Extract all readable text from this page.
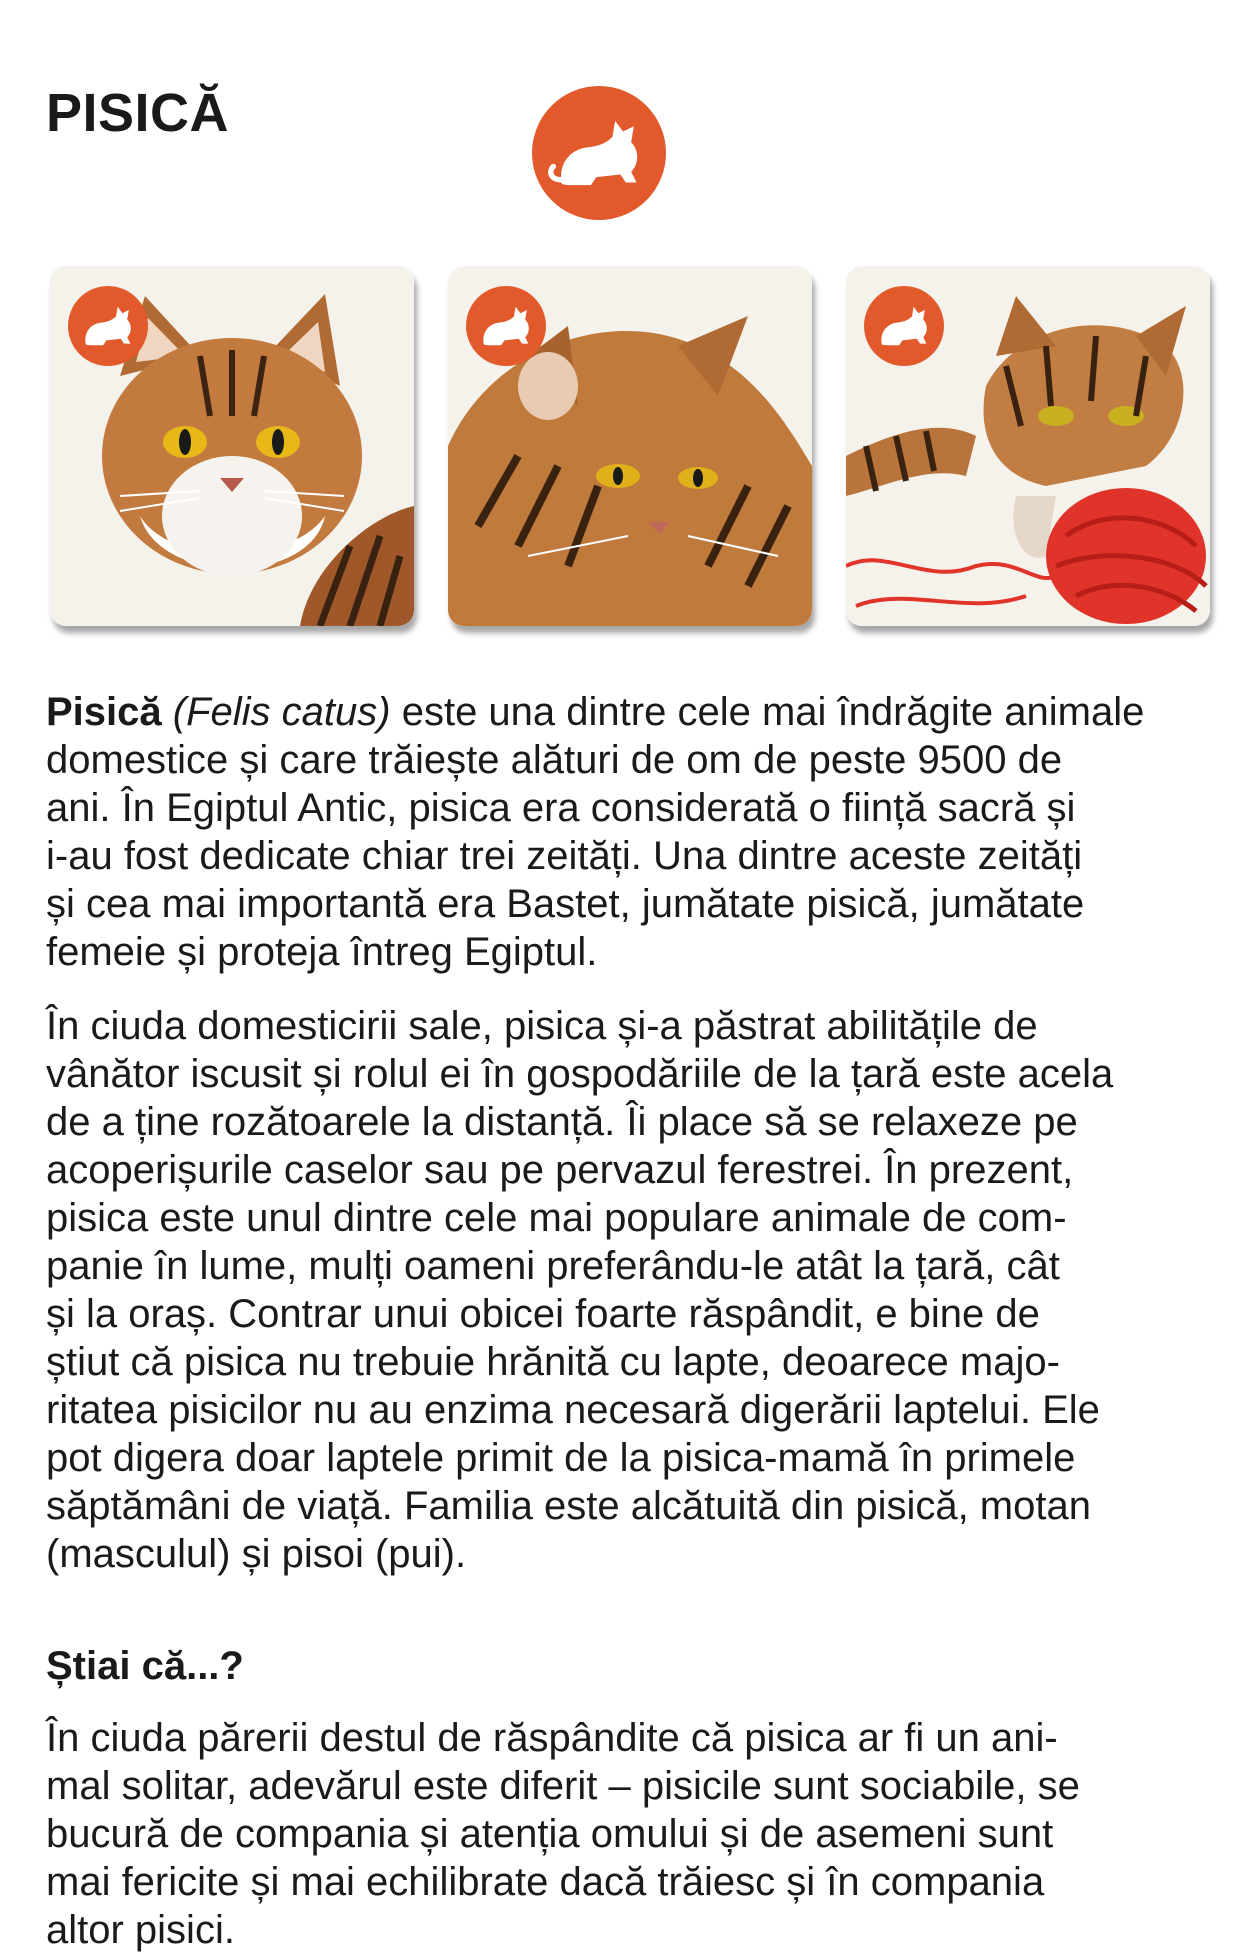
PISICĂ
Pisică (Felis catus) este una dintre cele mai îndrăgite animale
domestice și care trăiește alături de om de peste 9500 de
ani. În Egiptul Antic, pisica era considerată o ființă sacră și
i-au fost dedicate chiar trei zeități. Una dintre aceste zeități
și cea mai importantă era Bastet, jumătate pisică, jumătate
femeie și proteja întreg Egiptul.
În ciuda domesticirii sale, pisica și-a păstrat abilitățile de
vânător iscusit și rolul ei în gospodăriile de la țară este acela
de a ține rozătoarele la distanță. Îi place să se relaxeze pe
acoperișurile caselor sau pe pervazul ferestrei. În prezent,
pisica este unul dintre cele mai populare animale de com-
panie în lume, mulți oameni preferându-le atât la țară, cât
și la oraș. Contrar unui obicei foarte răspândit, e bine de
știut că pisica nu trebuie hrănită cu lapte, deoarece majo-
ritatea pisicilor nu au enzima necesară digerării laptelui. Ele
pot digera doar laptele primit de la pisica-mamă în primele
săptămâni de viață. Familia este alcătuită din pisică, motan
(masculul) și pisoi (pui).
Știai că...?
În ciuda părerii destul de răspândite că pisica ar fi un ani-
mal solitar, adevărul este diferit – pisicile sunt sociabile, se
bucură de compania și atenția omului și de asemeni sunt
mai fericite și mai echilibrate dacă trăiesc și în compania
altor pisici.
